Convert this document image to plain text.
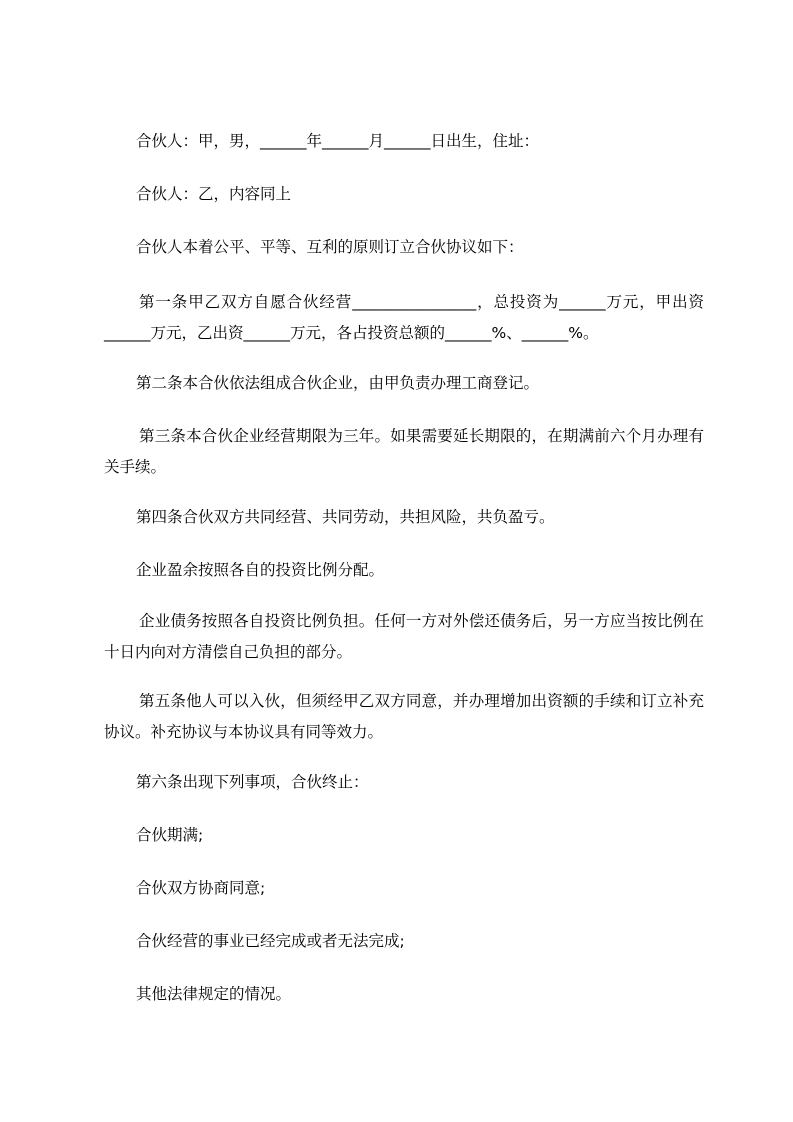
合伙人：甲，男，______年______月______日出生，住址：

合伙人：乙，内容同上

合伙人本着公平、平等、互利的原则订立合伙协议如下：

第一条甲乙双方自愿合伙经营________________，总投资为______万元，甲出资______万元，乙出资______万元，各占投资总额的______%、______%。

第二条本合伙依法组成合伙企业，由甲负责办理工商登记。

第三条本合伙企业经营期限为三年。如果需要延长期限的，在期满前六个月办理有关手续。

第四条合伙双方共同经营、共同劳动，共担风险，共负盈亏。

企业盈余按照各自的投资比例分配。

企业债务按照各自投资比例负担。任何一方对外偿还债务后，另一方应当按比例在十日内向对方清偿自己负担的部分。

第五条他人可以入伙，但须经甲乙双方同意，并办理增加出资额的手续和订立补充协议。补充协议与本协议具有同等效力。

第六条出现下列事项，合伙终止：

合伙期满;

合伙双方协商同意;

合伙经营的事业已经完成或者无法完成;

其他法律规定的情况。
